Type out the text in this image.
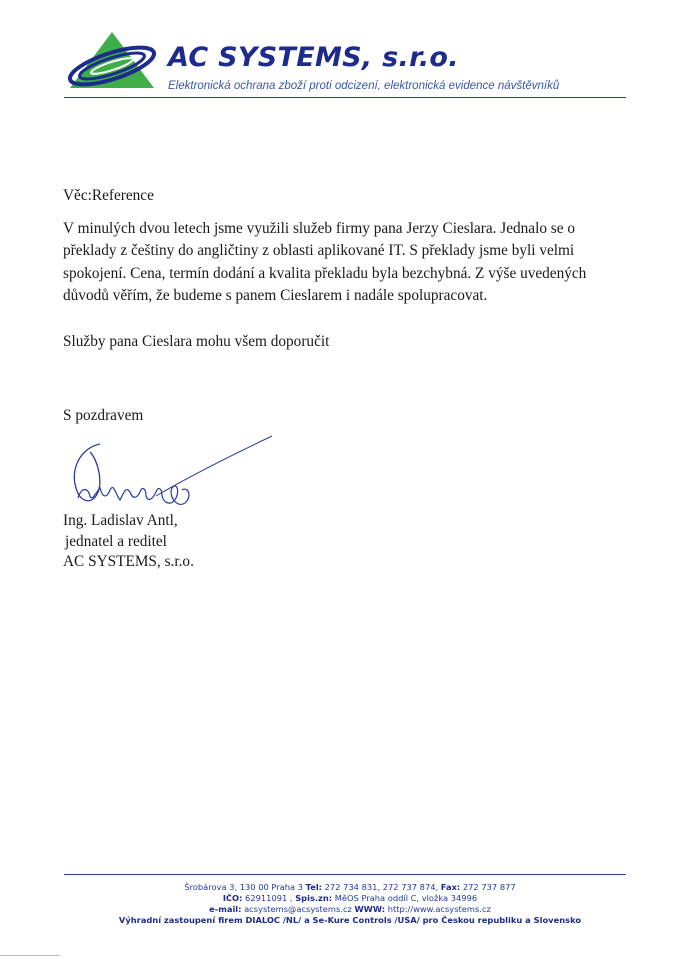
AC SYSTEMS, s.r.o.
Elektronická ochrana zboží proti odcizení, elektronická evidence návštěvníků
Věc:Reference
V minulých dvou letech jsme využili služeb firmy pana Jerzy Cieslara. Jednalo se o
překlady z češtiny do angličtiny z oblasti aplikované IT. S překlady jsme byli velmi
spokojení. Cena, termín dodání a kvalita překladu byla bezchybná. Z výše uvedených
důvodů věřím, že budeme s panem Cieslarem i nadále spolupracovat.
Služby pana Cieslara mohu všem doporučit
S pozdravem
Ing. Ladislav Antl,
jednatel a reditel
AC SYSTEMS, s.r.o.
Šrobárova 3, 130 00 Praha 3 Tel: 272 734 831, 272 737 874, Fax: 272 737 877
IČO: 62911091 , Spis.zn: MěOS Praha oddíl C, vložka 34996
e-mail: acsystems@acsystems.cz WWW: http://www.acsystems.cz
Výhradní zastoupení firem DIALOC /NL/ a Se-Kure Controls /USA/ pro Českou republiku a Slovensko
